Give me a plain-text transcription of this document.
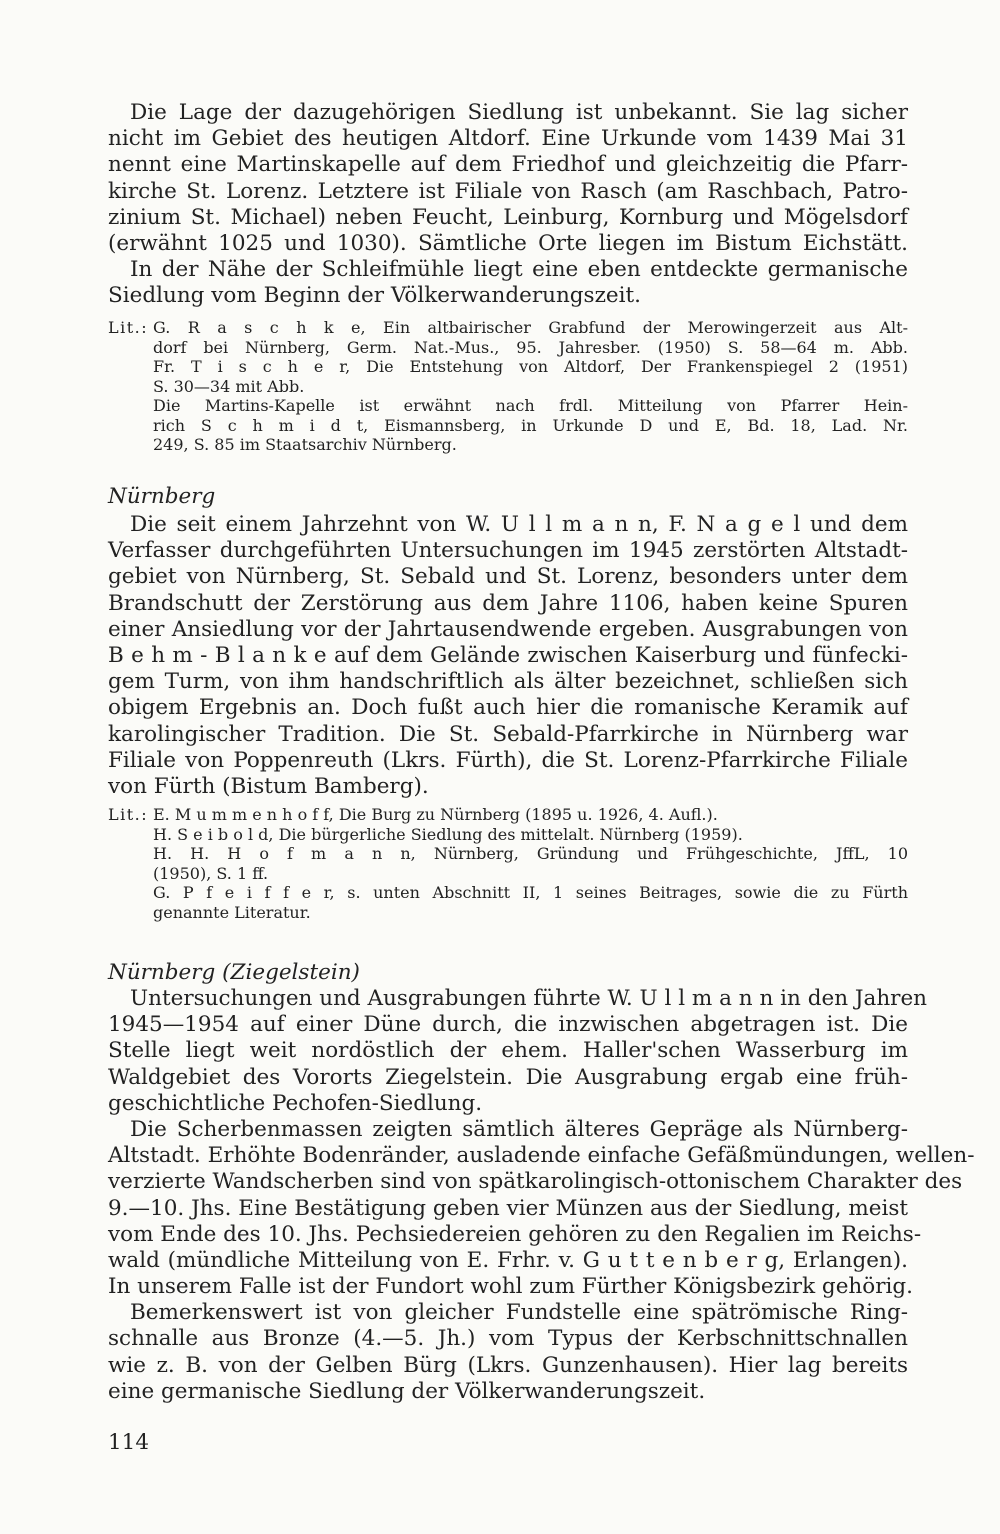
Die Lage der dazugehörigen Siedlung ist unbekannt. Sie lag sicher
nicht im Gebiet des heutigen Altdorf. Eine Urkunde vom 1439 Mai 31
nennt eine Martinskapelle auf dem Friedhof und gleichzeitig die Pfarr-
kirche St. Lorenz. Letztere ist Filiale von Rasch (am Raschbach, Patro-
zinium St. Michael) neben Feucht, Leinburg, Kornburg und Mögelsdorf
(erwähnt 1025 und 1030). Sämtliche Orte liegen im Bistum Eichstätt.
In der Nähe der Schleifmühle liegt eine eben entdeckte germanische
Siedlung vom Beginn der Völkerwanderungszeit.
Lit.: G. R a s c h k e, Ein altbairischer Grabfund der Merowingerzeit aus Alt-
dorf bei Nürnberg, Germ. Nat.-Mus., 95. Jahresber. (1950) S. 58—64 m. Abb.
Fr. T i s c h e r, Die Entstehung von Altdorf, Der Frankenspiegel 2 (1951)
S. 30—34 mit Abb.
Die Martins-Kapelle ist erwähnt nach frdl. Mitteilung von Pfarrer Hein-
rich S c h m i d t, Eismannsberg, in Urkunde D und E, Bd. 18, Lad. Nr.
249, S. 85 im Staatsarchiv Nürnberg.
Nürnberg
Die seit einem Jahrzehnt von W. U l l m a n n, F. N a g e l und dem
Verfasser durchgeführten Untersuchungen im 1945 zerstörten Altstadt-
gebiet von Nürnberg, St. Sebald und St. Lorenz, besonders unter dem
Brandschutt der Zerstörung aus dem Jahre 1106, haben keine Spuren
einer Ansiedlung vor der Jahrtausendwende ergeben. Ausgrabungen von
B e h m - B l a n k e auf dem Gelände zwischen Kaiserburg und fünfecki-
gem Turm, von ihm handschriftlich als älter bezeichnet, schließen sich
obigem Ergebnis an. Doch fußt auch hier die romanische Keramik auf
karolingischer Tradition. Die St. Sebald-Pfarrkirche in Nürnberg war
Filiale von Poppenreuth (Lkrs. Fürth), die St. Lorenz-Pfarrkirche Filiale
von Fürth (Bistum Bamberg).
Lit.: E. M u m m e n h o f f, Die Burg zu Nürnberg (1895 u. 1926, 4. Aufl.).
H. S e i b o l d, Die bürgerliche Siedlung des mittelalt. Nürnberg (1959).
H. H. H o f m a n n, Nürnberg, Gründung und Frühgeschichte, JffL, 10
(1950), S. 1 ff.
G. P f e i f f e r, s. unten Abschnitt II, 1 seines Beitrages, sowie die zu Fürth
genannte Literatur.
Nürnberg (Ziegelstein)
Untersuchungen und Ausgrabungen führte W. U l l m a n n in den Jahren
1945—1954 auf einer Düne durch, die inzwischen abgetragen ist. Die
Stelle liegt weit nordöstlich der ehem. Haller'schen Wasserburg im
Waldgebiet des Vororts Ziegelstein. Die Ausgrabung ergab eine früh-
geschichtliche Pechofen-Siedlung.
Die Scherbenmassen zeigten sämtlich älteres Gepräge als Nürnberg-
Altstadt. Erhöhte Bodenränder, ausladende einfache Gefäßmündungen, wellen-
verzierte Wandscherben sind von spätkarolingisch-ottonischem Charakter des
9.—10. Jhs. Eine Bestätigung geben vier Münzen aus der Siedlung, meist
vom Ende des 10. Jhs. Pechsiedereien gehören zu den Regalien im Reichs-
wald (mündliche Mitteilung von E. Frhr. v. G u t t e n b e r g, Erlangen).
In unserem Falle ist der Fundort wohl zum Fürther Königsbezirk gehörig.
Bemerkenswert ist von gleicher Fundstelle eine spätrömische Ring-
schnalle aus Bronze (4.—5. Jh.) vom Typus der Kerbschnittschnallen
wie z. B. von der Gelben Bürg (Lkrs. Gunzenhausen). Hier lag bereits
eine germanische Siedlung der Völkerwanderungszeit.
114
